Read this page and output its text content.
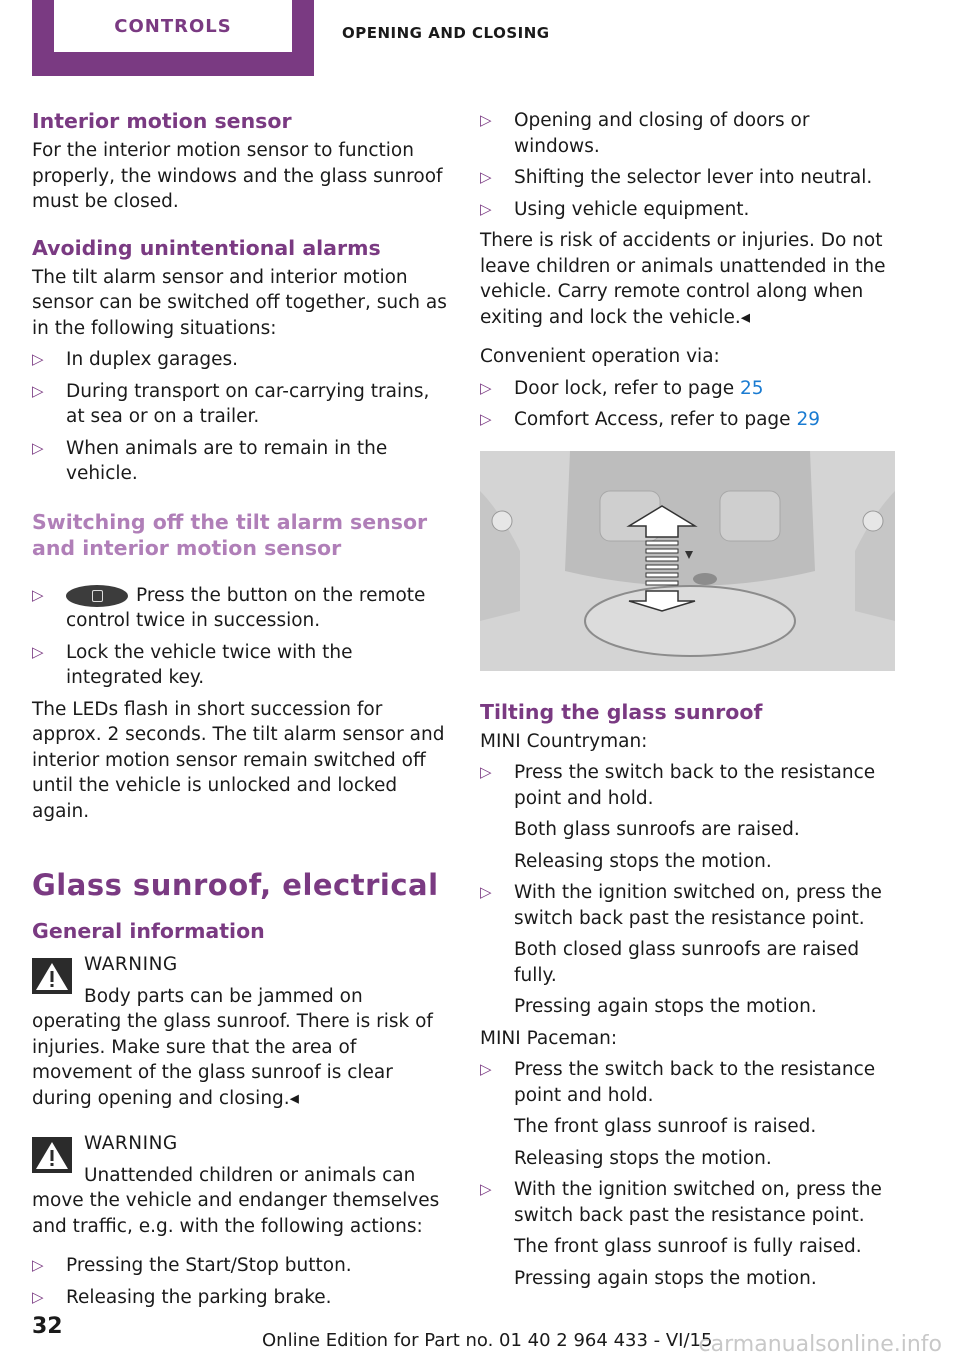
CONTROLS	OPENING AND CLOSING
Interior motion sensor

For the interior motion sensor to function properly, the windows and the glass sunroof must be closed.

Avoiding unintentional alarms

The tilt alarm sensor and interior motion sensor can be switched off together, such as in the following situations:

▷	In duplex garages.
▷	During transport on car-carrying trains, at sea or on a trailer.
▷	When animals are to remain in the vehicle.
Switching off the tilt alarm sensor and interior motion sensor
▷	Press the button on the remote control twice in succession.
▷	Lock the vehicle twice with the integrated key.

The LEDs flash in short succession for approx. 2 seconds. The tilt alarm sensor and interior motion sensor remain switched off until the vehicle is unlocked and locked again.

Glass sunroof, electrical
General information
WARNING
Body parts can be jammed on operating the glass sunroof. There is risk of injuries. Make sure that the area of movement of the glass sunroof is clear during opening and closing.◂
WARNING
Unattended children or animals can move the vehicle and endanger themselves and traffic, e.g. with the following actions:
▷	Pressing the Start/Stop button.
▷	Releasing the parking brake.
▷	Opening and closing of doors or windows.
▷	Shifting the selector lever into neutral.
▷	Using vehicle equipment.

There is risk of accidents or injuries. Do not leave children or animals unattended in the vehicle. Carry remote control along when exiting and lock the vehicle.◂

Convenient operation via:

▷	Door lock, refer to page 25
▷	Comfort Access, refer to page 29
Tilting the glass sunroof

MINI Countryman:

▷	Press the switch back to the resistance point and hold.
Both glass sunroofs are raised.
Releasing stops the motion.
▷	With the ignition switched on, press the switch back past the resistance point.
Both closed glass sunroofs are raised fully.
Pressing again stops the motion.

MINI Paceman:

▷	Press the switch back to the resistance point and hold.
The front glass sunroof is raised.
Releasing stops the motion.
▷	With the ignition switched on, press the switch back past the resistance point.
The front glass sunroof is fully raised.
Pressing again stops the motion.
32
Online Edition for Part no. 01 40 2 964 433 - VI/15
carmanualsonline.info
